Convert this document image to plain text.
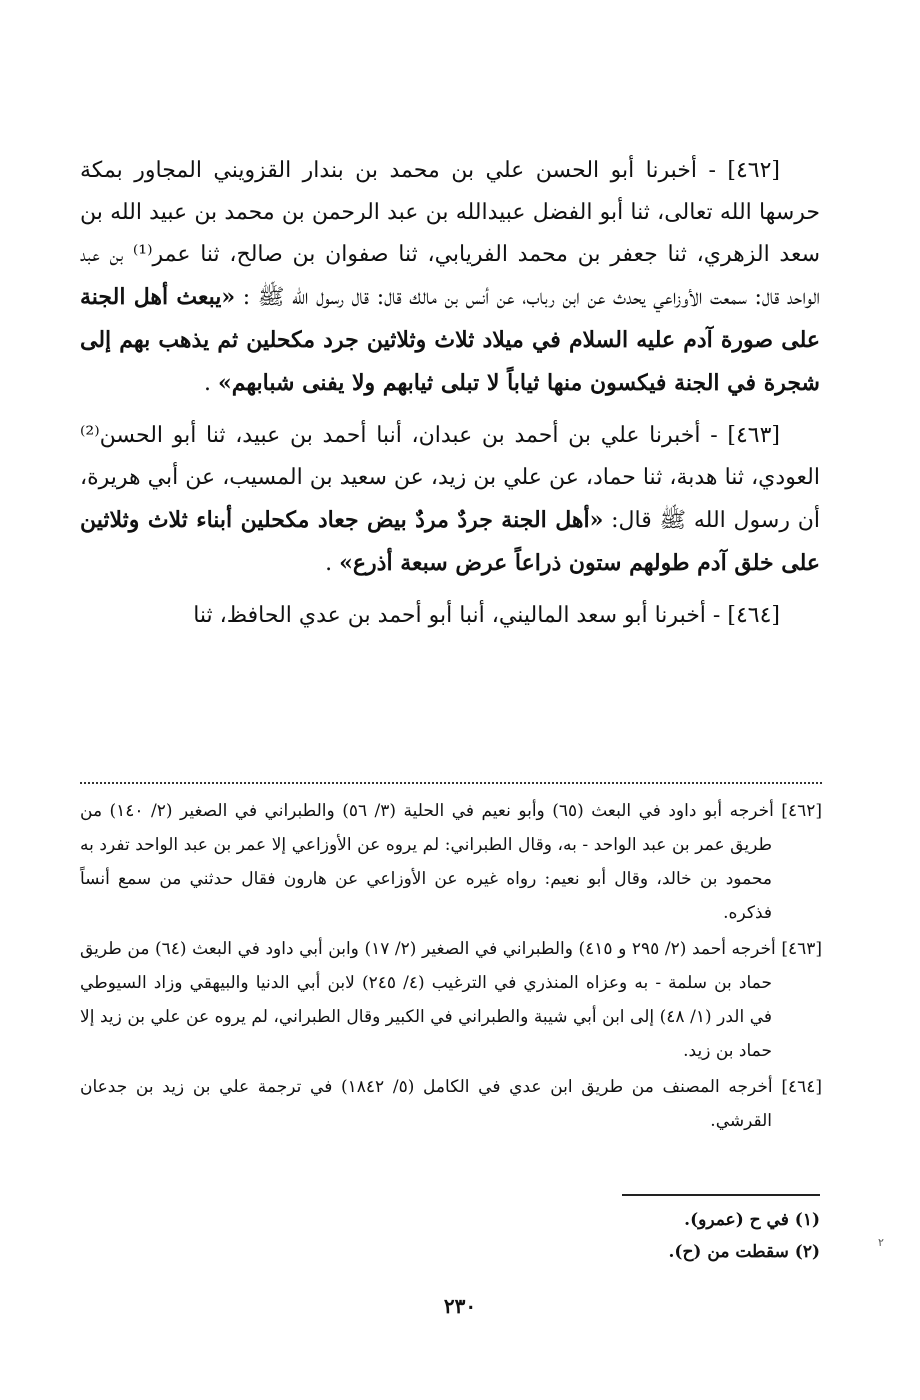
[٤٦٢] - أخبرنا أبو الحسن علي بن محمد بن بندار القزويني المجاور بمكة حرسها الله تعالى، ثنا أبو الفضل عبيدالله بن عبد الرحمن بن محمد بن عبيد الله بن سعد الزهري، ثنا جعفر بن محمد الفريابي، ثنا صفوان بن صالح، ثنا عمر⁽¹⁾ بن عبد الواحد قال: سمعت الأوزاعي يحدث عن ابن رباب، عن أنس بن مالك قال: قال رسول الله ﷺ : «يبعث أهل الجنة على صورة آدم عليه السلام في ميلاد ثلاث وثلاثين جرد مكحلين ثم يذهب بهم إلى شجرة في الجنة فيكسون منها ثياباً لا تبلى ثيابهم ولا يفنى شبابهم» .

[٤٦٣] - أخبرنا علي بن أحمد بن عبدان، أنبا أحمد بن عبيد، ثنا أبو الحسن⁽²⁾ العودي، ثنا هدبة، ثنا حماد، عن علي بن زيد، عن سعيد بن المسيب، عن أبي هريرة، أن رسول الله ﷺ قال: «أهل الجنة جردٌ مردٌ بيض جعاد مكحلين أبناء ثلاث وثلاثين على خلق آدم طولهم ستون ذراعاً عرض سبعة أذرع» .

[٤٦٤] - أخبرنا أبو سعد الماليني، أنبا أبو أحمد بن عدي الحافظ، ثنا

[٤٦٢] أخرجه أبو داود في البعث (٦٥) وأبو نعيم في الحلية (٣/ ٥٦) والطبراني في الصغير (٢/ ١٤٠) من طريق عمر بن عبد الواحد - به، وقال الطبراني: لم يروه عن الأوزاعي إلا عمر بن عبد الواحد تفرد به محمود بن خالد، وقال أبو نعيم: رواه غيره عن الأوزاعي عن هارون فقال حدثني من سمع أنساً فذكره.

[٤٦٣] أخرجه أحمد (٢/ ٢٩٥ و ٤١٥) والطبراني في الصغير (٢/ ١٧) وابن أبي داود في البعث (٦٤) من طريق حماد بن سلمة - به وعزاه المنذري في الترغيب (٤/ ٢٤٥) لابن أبي الدنيا والبيهقي وزاد السيوطي في الدر (١/ ٤٨) إلى ابن أبي شيبة والطبراني في الكبير وقال الطبراني، لم يروه عن علي بن زيد إلا حماد بن زيد.

[٤٦٤] أخرجه المصنف من طريق ابن عدي في الكامل (٥/ ١٨٤٢) في ترجمة علي بن زيد بن جدعان القرشي.

(١) في ح (عمرو).

(٢) سقطت من (ح).	٢
٢٣٠
